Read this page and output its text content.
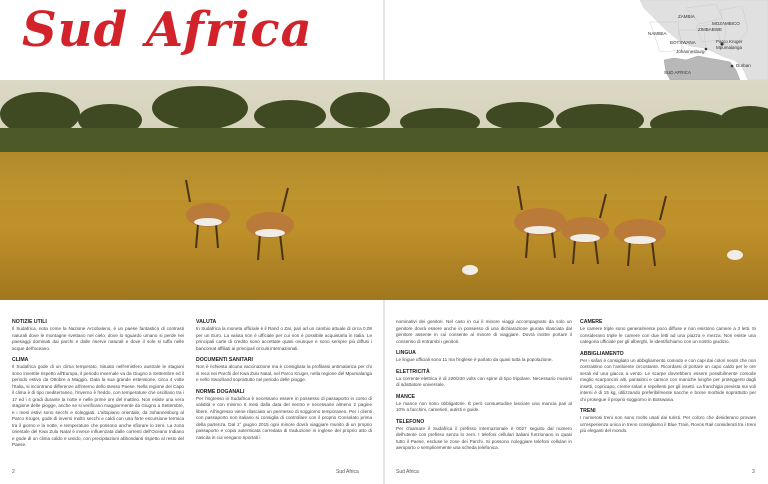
Sud Africa	ZAMBIA
MOZAMBICO
ZIMBABWE
NAMIBIA
BOTSWANA	Parco Kruger
Mpumalanga
Johannesburg
SUD AFRICA
Durban
NOTIZIE UTILI

Il Sudafrica, nota come la Nazione Arcobaleno, è un paese fantastico di contrasti naturali dove le montagne svettano nel cielo, dove lo sguardo umano si perde nei paesaggi dominati dai parchi e dalle riserve naturali e dove il sole si tuffa nelle acque dell'oceano.

CLIMA

Il Sudafrica gode di un clima temperato. Situato nell'emisfero australe le stagioni sono invertite rispetto all'Europa, il periodo invernale va da Giugno a Settembre ed il periodo estivo da Ottobre a Maggio. Data la sua grande estensione, circa 4 volte l'Italia, si incontrano differenze all'interno dello stesso Paese. Nella regione del Capo il clima è di tipo mediterraneo, l'inverno è freddo, con temperature che oscillano tra i 17 ed i 4 gradi durante la notte e nelle prime ore del mattino. Non esiste una vera stagione delle piogge, anche se si verificano maggiormente da Giugno a Settembre, e i mesi estivi sono secchi e soleggiati. L'altopiano orientale, da Johannesburg al Parco Kruger, gode di inverni molto secchi e caldi con una forte escursione termica tra il giorno e la notte, e temperature che possono anche sfiorare lo zero. La zona orientale del Kwa Zulu Natal è invece influenzata dalle correnti dell'Oceano Indiano e gode di un clima caldo e umido, con precipitazioni abbondanti rispetto al resto del Paese.

VALUTA

In Sudafrica la moneta ufficiale è il Rand o Zar, pari ad un cambio attuale di circa 0,08 per un Euro. La valuta non è ufficiale per cui non è possibile acquistarla in Italia. Le principali carte di credito sono accettate quasi ovunque e sono sempre più diffusi i bancomat affiliati ai principali circuiti internazionali.

DOCUMENTI SANITARI

Non è richiesta alcuna vaccinazione ma è consigliata la profilassi antimalarica per chi si reca nei Parchi del Kwa Zulu Natal, nel Parco Kruger, nella regione del Mpumalanga e nello Swaziland soprattutto nel periodo delle piogge.

NORME DOGANALI

Per l'ingresso in Sudafrica è necessario essere in possesso di passaporto in corso di validità e con minimo 6 mesi dalla data del rientro e necessarie almeno 2 pagine libere. All'ingresso viene rilasciato un permesso di soggiorno temporaneo. Per i clienti con passaporto non italiano si consiglia di controllare con il proprio Consolato prima della partenza. Dal 1° giugno 2015 ogni minore dovrà viaggiare munito di un proprio passaporto e copia autenticata corredata di traduzione in inglese del proprio atto di nascita in cui vengano riportati i

nominativi dei genitori. Nel caso in cui il minore viaggi accompagnato da solo un genitore dovrà essere anche in possesso di una dichiarazione giurata rilasciata dal genitore assente in cui consente al minore di viaggiare. Dovrà inoltre portare il consenso di entrambi i genitori.

LINGUA

Le lingue ufficiali sono 11 ma l'inglese è parlato da quasi tutta la popolazione.

ELETTRICITÀ

La corrente elettrica è di 220/230 volts con spine di tipo tripolare. Necessario munirsi di adattatore universale.

MANCE

Le mance non sono obbligatorie. È però consuetudine lasciare una mancia pari al 10% a facchini, camerieri, autisti e guide.

TELEFONO

Per chiamare il Sudafrica il prefisso internazionale è 0027 seguito dal numero dell'utente con prefisso senza lo zero. I telefoni cellulari italiani funzionano in quasi tutto il Paese, escluse le zone dei Parchi. Si possono noleggiare telefoni cellulari in aeroporto o semplicemente una scheda telefonica.

CAMERE

Le camere triple sono generalmente poco diffuse e non esistono camere a 3 letti. Si considerano triple le camere con due letti ad una piazza e mezza. Non esiste una categoria ufficiale per gli alberghi, le identifichiamo con un nostro giudizio.

ABBIGLIAMENTO

Per i safari è consigliato un abbigliamento comodo e con capi dai colori neutri che non contrastino con l'ambiente circostante. Ricordarsi di portare un capo caldo per le ore serali ed una giacca a vento. Le scarpe dovrebbero essere possibilmente comode meglio scarponcini alti, pantaloni e camice con maniche lunghe per proteggersi dagli insetti, copricapo, creme solari e repellenti per gli insetti. La franchigia prevista sui voli interni è di 15 kg, utilizzando preferibilmente sacche e borse morbide soprattutto per chi prosegue il proprio soggiorno in Botswana.

TRENI

I numerosi treni non sono molto usati dai turisti. Per coloro che desiderano provare un'esperienza unica in treno consigliamo il Blue Train, Rovos Rail considerati tra i treni più eleganti del mondo.

2	Sud Africa	Sud Africa	3
